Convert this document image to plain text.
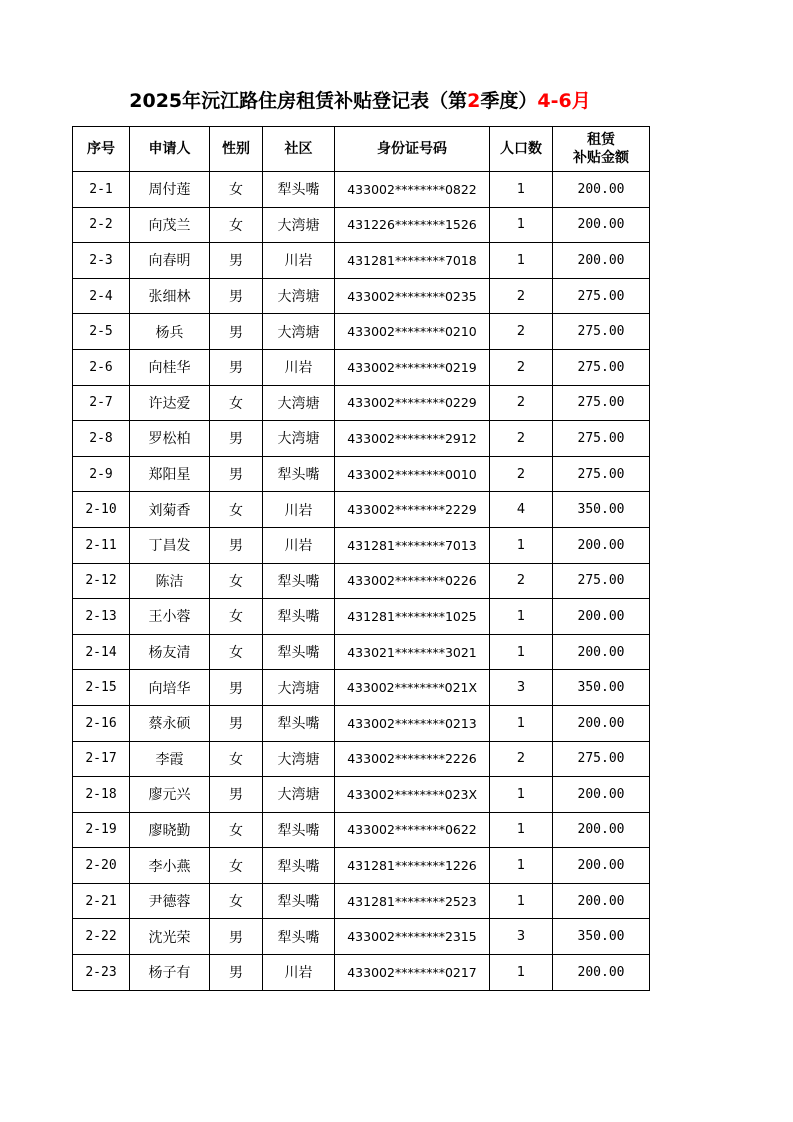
2025年沅江路住房租赁补贴登记表（第2季度）4-6月
序号	申请人	性别	社区	身份证号码	人口数	租赁
补贴金额

2-1	周付莲	女	犁头嘴	433002********0822	1	200.00
2-2	向茂兰	女	大湾塘	431226********1526	1	200.00
2-3	向春明	男	川岩	431281********7018	1	200.00
2-4	张细林	男	大湾塘	433002********0235	2	275.00
2-5	杨兵	男	大湾塘	433002********0210	2	275.00
2-6	向桂华	男	川岩	433002********0219	2	275.00
2-7	许达爱	女	大湾塘	433002********0229	2	275.00
2-8	罗松柏	男	大湾塘	433002********2912	2	275.00
2-9	郑阳星	男	犁头嘴	433002********0010	2	275.00
2-10	刘菊香	女	川岩	433002********2229	4	350.00
2-11	丁昌发	男	川岩	431281********7013	1	200.00
2-12	陈洁	女	犁头嘴	433002********0226	2	275.00
2-13	王小蓉	女	犁头嘴	431281********1025	1	200.00
2-14	杨友清	女	犁头嘴	433021********3021	1	200.00
2-15	向培华	男	大湾塘	433002********021X	3	350.00
2-16	蔡永硕	男	犁头嘴	433002********0213	1	200.00
2-17	李霞	女	大湾塘	433002********2226	2	275.00
2-18	廖元兴	男	大湾塘	433002********023X	1	200.00
2-19	廖晓勤	女	犁头嘴	433002********0622	1	200.00
2-20	李小燕	女	犁头嘴	431281********1226	1	200.00
2-21	尹德蓉	女	犁头嘴	431281********2523	1	200.00
2-22	沈光荣	男	犁头嘴	433002********2315	3	350.00
2-23	杨子有	男	川岩	433002********0217	1	200.00
